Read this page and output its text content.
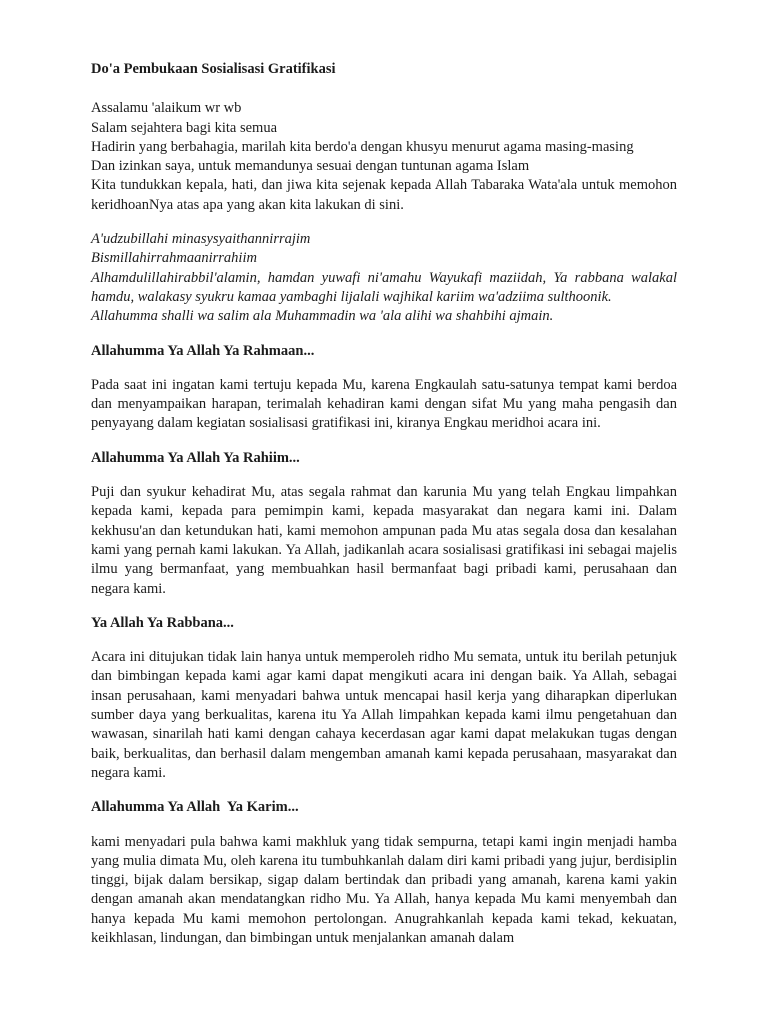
Do'a Pembukaan Sosialisasi Gratifikasi
Assalamu 'alaikum wr wb
Salam sejahtera bagi kita semua
Hadirin yang berbahagia, marilah kita berdo'a dengan khusyu menurut agama masing-masing
Dan izinkan saya, untuk memandunya sesuai dengan tuntunan agama Islam

Kita tundukkan kepala, hati, dan jiwa kita sejenak kepada Allah Tabaraka Wata'ala untuk memohon keridhoanNya atas apa yang akan kita lakukan di sini.

A'udzubillahi minasysyaithannirrajim
Bismillahirrahmaanirrahiim

Alhamdulillahirabbil'alamin, hamdan yuwafi ni'amahu Wayukafi maziidah, Ya rabbana walakal hamdu, walakasy syukru kamaa yambaghi lijalali wajhikal kariim wa'adziima sulthoonik.

Allahumma shalli wa salim ala Muhammadin wa 'ala alihi wa shahbihi ajmain.
Allahumma Ya Allah Ya Rahmaan...

Pada saat ini ingatan kami tertuju kepada Mu, karena Engkaulah satu-satunya tempat kami berdoa dan menyampaikan harapan, terimalah kehadiran kami dengan sifat Mu yang maha pengasih dan penyayang dalam kegiatan sosialisasi gratifikasi ini, kiranya Engkau meridhoi acara ini.

Allahumma Ya Allah Ya Rahiim...

Puji dan syukur kehadirat Mu, atas segala rahmat dan karunia Mu yang telah Engkau limpahkan kepada kami, kepada para pemimpin kami, kepada masyarakat dan negara kami ini. Dalam kekhusu'an dan ketundukan hati, kami memohon ampunan pada Mu atas segala dosa dan kesalahan kami yang pernah kami lakukan. Ya Allah, jadikanlah acara sosialisasi gratifikasi ini sebagai majelis ilmu yang bermanfaat, yang membuahkan hasil bermanfaat bagi pribadi kami, perusahaan dan negara kami.

Ya Allah Ya Rabbana...

Acara ini ditujukan tidak lain hanya untuk memperoleh ridho Mu semata, untuk itu berilah petunjuk dan bimbingan kepada kami agar kami dapat mengikuti acara ini dengan baik. Ya Allah, sebagai insan perusahaan, kami menyadari bahwa untuk mencapai hasil kerja yang diharapkan diperlukan sumber daya yang berkualitas, karena itu Ya Allah limpahkan kepada kami ilmu pengetahuan dan wawasan, sinarilah hati kami dengan cahaya kecerdasan agar kami dapat melakukan tugas dengan baik, berkualitas, dan berhasil dalam mengemban amanah kami kepada perusahaan, masyarakat dan negara kami.

Allahumma Ya Allah  Ya Karim...

kami menyadari pula bahwa kami makhluk yang tidak sempurna, tetapi kami ingin menjadi hamba yang mulia dimata Mu, oleh karena itu tumbuhkanlah dalam diri kami pribadi yang jujur, berdisiplin tinggi, bijak dalam bersikap, sigap dalam bertindak dan pribadi yang amanah, karena kami yakin dengan amanah akan mendatangkan ridho Mu. Ya Allah, hanya kepada Mu kami menyembah dan hanya kepada Mu kami memohon pertolongan. Anugrahkanlah kepada kami tekad, kekuatan, keikhlasan, lindungan, dan bimbingan untuk menjalankan amanah dalam
